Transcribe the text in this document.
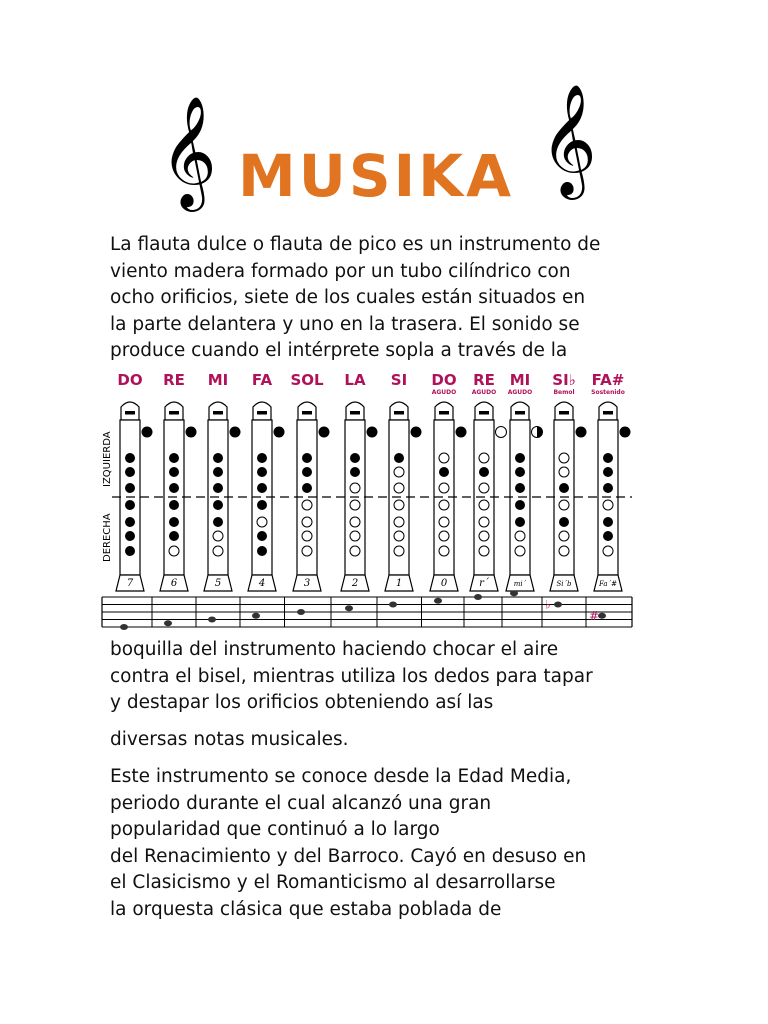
𝄞 MUSIKA 𝄞

La flauta dulce o flauta de pico es un instrumento de
viento madera formado por un tubo cilíndrico con
ocho orificios, siete de los cuales están situados en
la parte delantera y uno en la trasera. El sonido se
produce cuando el intérprete sopla a través de la

IZQUIERDA
DERECHA
DO
7
RE
6
MI
5
FA
4
SOL
3
LA
2
SI
1
DO
AGUDO
0
RE
AGUDO
r´
MI
AGUDO
mi´
SI♭
Bemol
Si´b
FA#
Sostenido
Fa´#
♭
#

boquilla del instrumento haciendo chocar el aire
contra el bisel, mientras utiliza los dedos para tapar
y destapar los orificios obteniendo así las

diversas notas musicales.

Este instrumento se conoce desde la Edad Media,
periodo durante el cual alcanzó una gran
popularidad que continuó a lo largo
del Renacimiento y del Barroco. Cayó en desuso en
el Clasicismo y el Romanticismo al desarrollarse
la orquesta clásica que estaba poblada de
